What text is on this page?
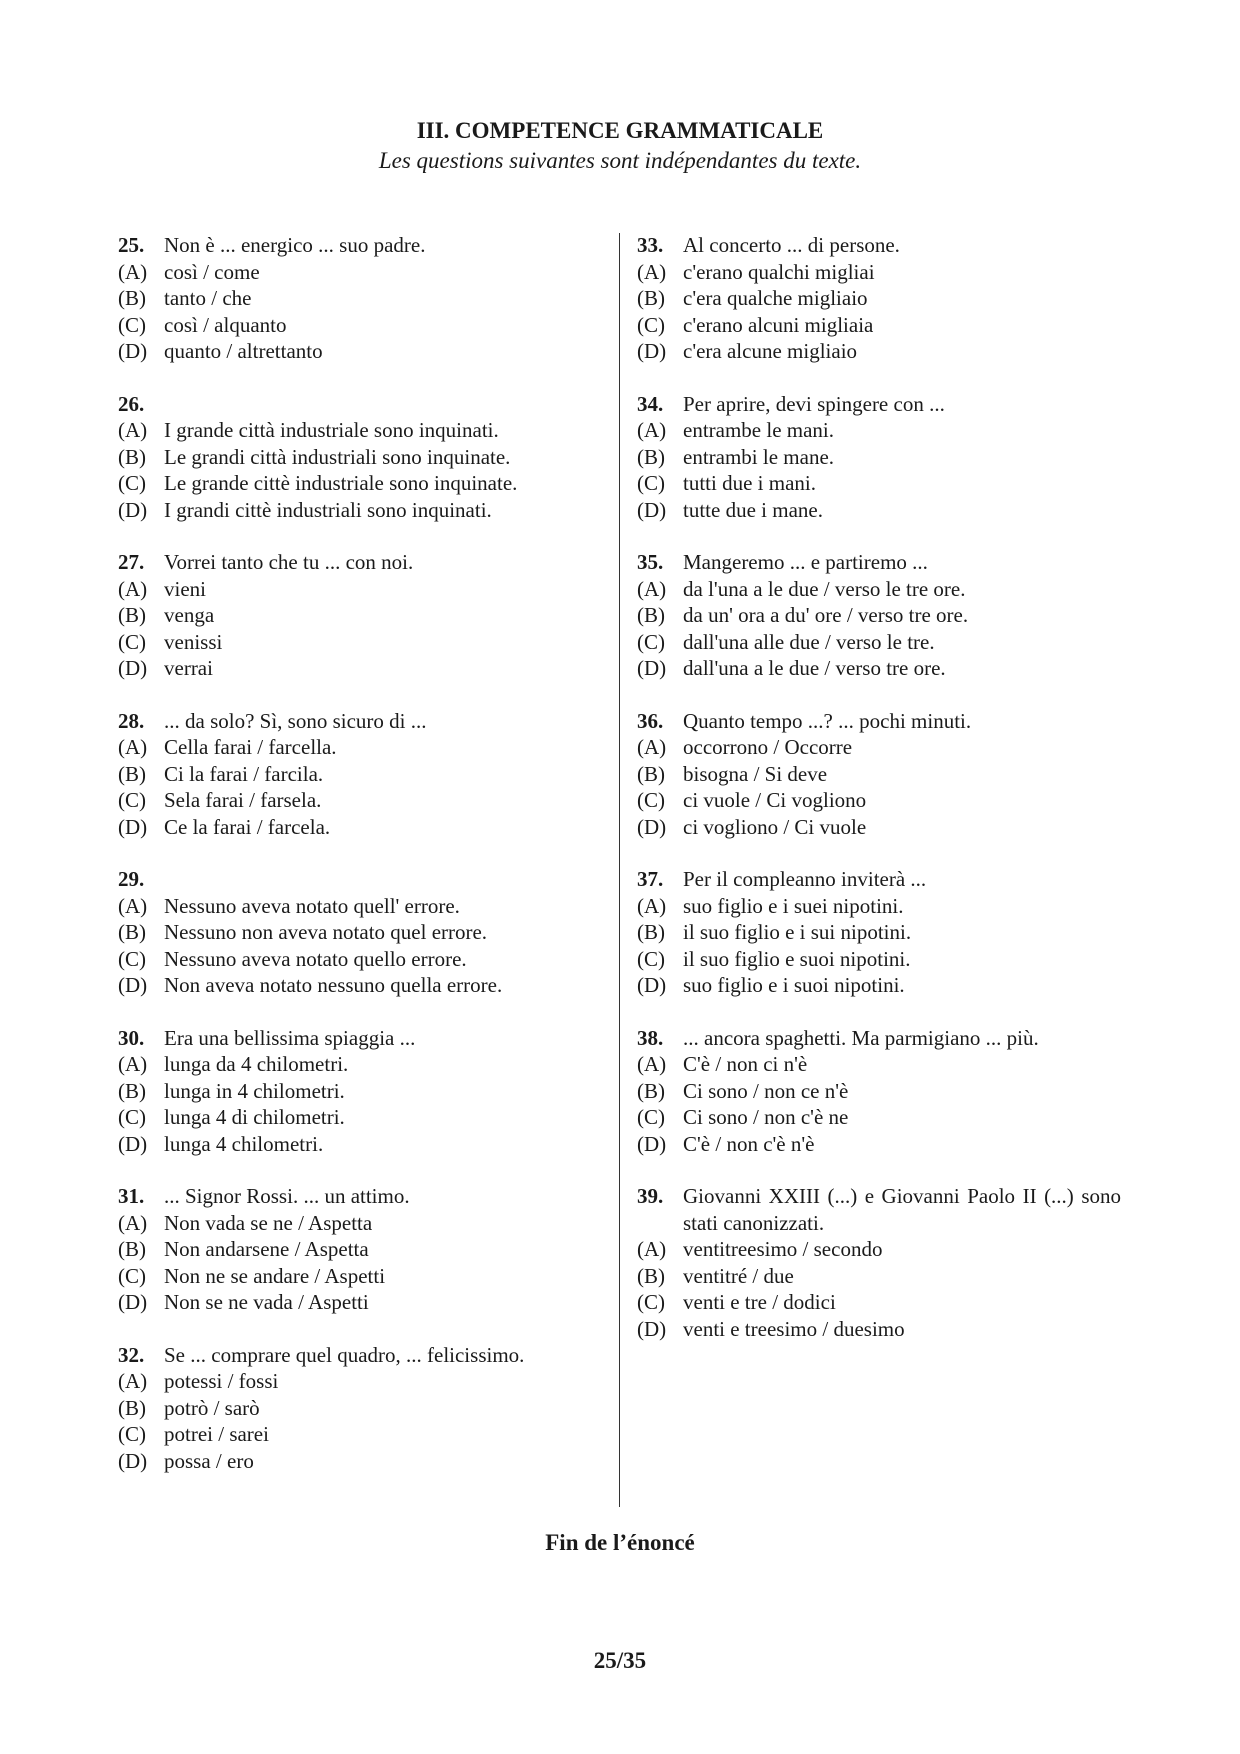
III. COMPETENCE GRAMMATICALE
Les questions suivantes sont indépendantes du texte.
25. Non è ... energico ... suo padre.
(A) così / come
(B) tanto / che
(C) così / alquanto
(D) quanto / altrettanto
26.
(A) I grande città industriale sono inquinati.
(B) Le grandi città industriali sono inquinate.
(C) Le grande cittè industriale sono inquinate.
(D) I grandi cittè industriali sono inquinati.
27. Vorrei tanto che tu ... con noi.
(A) vieni
(B) venga
(C) venissi
(D) verrai
28. ... da solo? Sì, sono sicuro di ...
(A) Cella farai / farcella.
(B) Ci la farai / farcila.
(C) Sela farai / farsela.
(D) Ce la farai / farcela.
29.
(A) Nessuno aveva notato quell' errore.
(B) Nessuno non aveva notato quel errore.
(C) Nessuno aveva notato quello errore.
(D) Non aveva notato nessuno quella errore.
30. Era una bellissima spiaggia ...
(A) lunga da 4 chilometri.
(B) lunga in 4 chilometri.
(C) lunga 4 di chilometri.
(D) lunga 4 chilometri.
31. ... Signor Rossi. ... un attimo.
(A) Non vada se ne / Aspetta
(B) Non andarsene / Aspetta
(C) Non ne se andare / Aspetti
(D) Non se ne vada / Aspetti
32. Se ... comprare quel quadro, ... felicissimo.
(A) potessi / fossi
(B) potrò / sarò
(C) potrei / sarei
(D) possa / ero
33. Al concerto ... di persone.
(A) c'erano qualchi migliai
(B) c'era qualche migliaio
(C) c'erano alcuni migliaia
(D) c'era alcune migliaio
34. Per aprire, devi spingere con ...
(A) entrambe le mani.
(B) entrambi le mane.
(C) tutti due i mani.
(D) tutte due i mane.
35. Mangeremo ... e partiremo ...
(A) da l'una a le due / verso le tre ore.
(B) da un' ora a du' ore / verso tre ore.
(C) dall'una alle due / verso le tre.
(D) dall'una a le due / verso tre ore.
36. Quanto tempo ...? ... pochi minuti.
(A) occorrono / Occorre
(B) bisogna / Si deve
(C) ci vuole / Ci vogliono
(D) ci vogliono / Ci vuole
37. Per il compleanno inviterà ...
(A) suo figlio e i suei nipotini.
(B) il suo figlio e i sui nipotini.
(C) il suo figlio e suoi nipotini.
(D) suo figlio e i suoi nipotini.
38. ... ancora spaghetti. Ma parmigiano ... più.
(A) C'è / non ci n'è
(B) Ci sono / non ce n'è
(C) Ci sono / non c'è ne
(D) C'è / non c'è n'è
39. Giovanni XXIII (...) e Giovanni Paolo II (...) sono stati canonizzati.
(A) ventitreesimo / secondo
(B) ventitré / due
(C) venti e tre / dodici
(D) venti e treesimo / duesimo
Fin de l’énoncé
25/35
